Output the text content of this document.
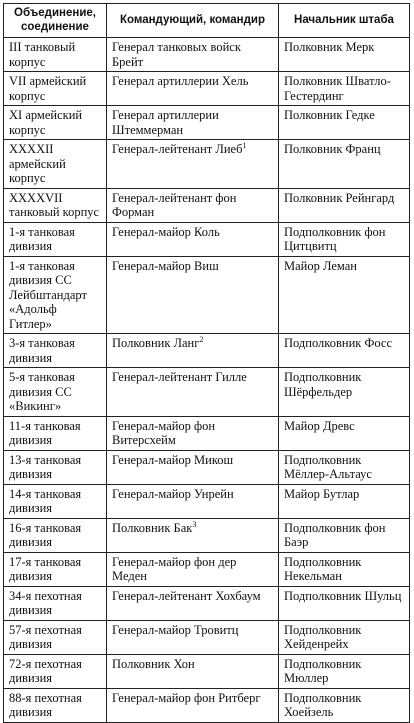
Объединение, соединение	Командующий, командир	Начальник штаба
III танковый корпус	Генерал танковых войск Брейт	Полковник Мерк
VII армейский корпус	Генерал артиллерии Хель	Полковник Шватло-Гестердинг
XI армейский корпус	Генерал артиллерии Штеммерман	Полковник Гедке
XXXXII армейский корпус	Генерал-лейтенант Лиеб$^1$	Полковник Франц
XXXXVII танковый корпус	Генерал-лейтенант фон Форман	Полковник Рейнгард
1-я танковая дивизия	Генерал-майор Коль	Подполковник фон Цитцвитц
1-я танковая дивизия СС Лейбштандарт «Адольф Гитлер»	Генерал-майор Виш	Майор Леман
3-я танковая дивизия	Полковник Ланг$^2$	Подполковник Фосс
5-я танковая дивизия СС «Викинг»	Генерал-лейтенант Гилле	Подполковник Шёрфельдер
11-я танковая дивизия	Генерал-майор фон Витерсхейм	Майор Древс
13-я танковая дивизия	Генерал-майор Микош	Подполковник Мёллер-Альтаус
14-я танковая дивизия	Генерал-майор Унрейн	Майор Бутлар
16-я танковая дивизия	Полковник Бак$^3$	Подполковник фон Баэр
17-я танковая дивизия	Генерал-майор фон дер Меден	Подполковник Некельман
34-я пехотная дивизия	Генерал-лейтенант Хохбаум	Подполковник Шульц
57-я пехотная дивизия	Генерал-майор Тровитц	Подполковник Хейденрейх
72-я пехотная дивизия	Полковник Хон	Подполковник Мюллер
88-я пехотная дивизия	Генерал-майор фон Ритберг	Подполковник Хоейзель
